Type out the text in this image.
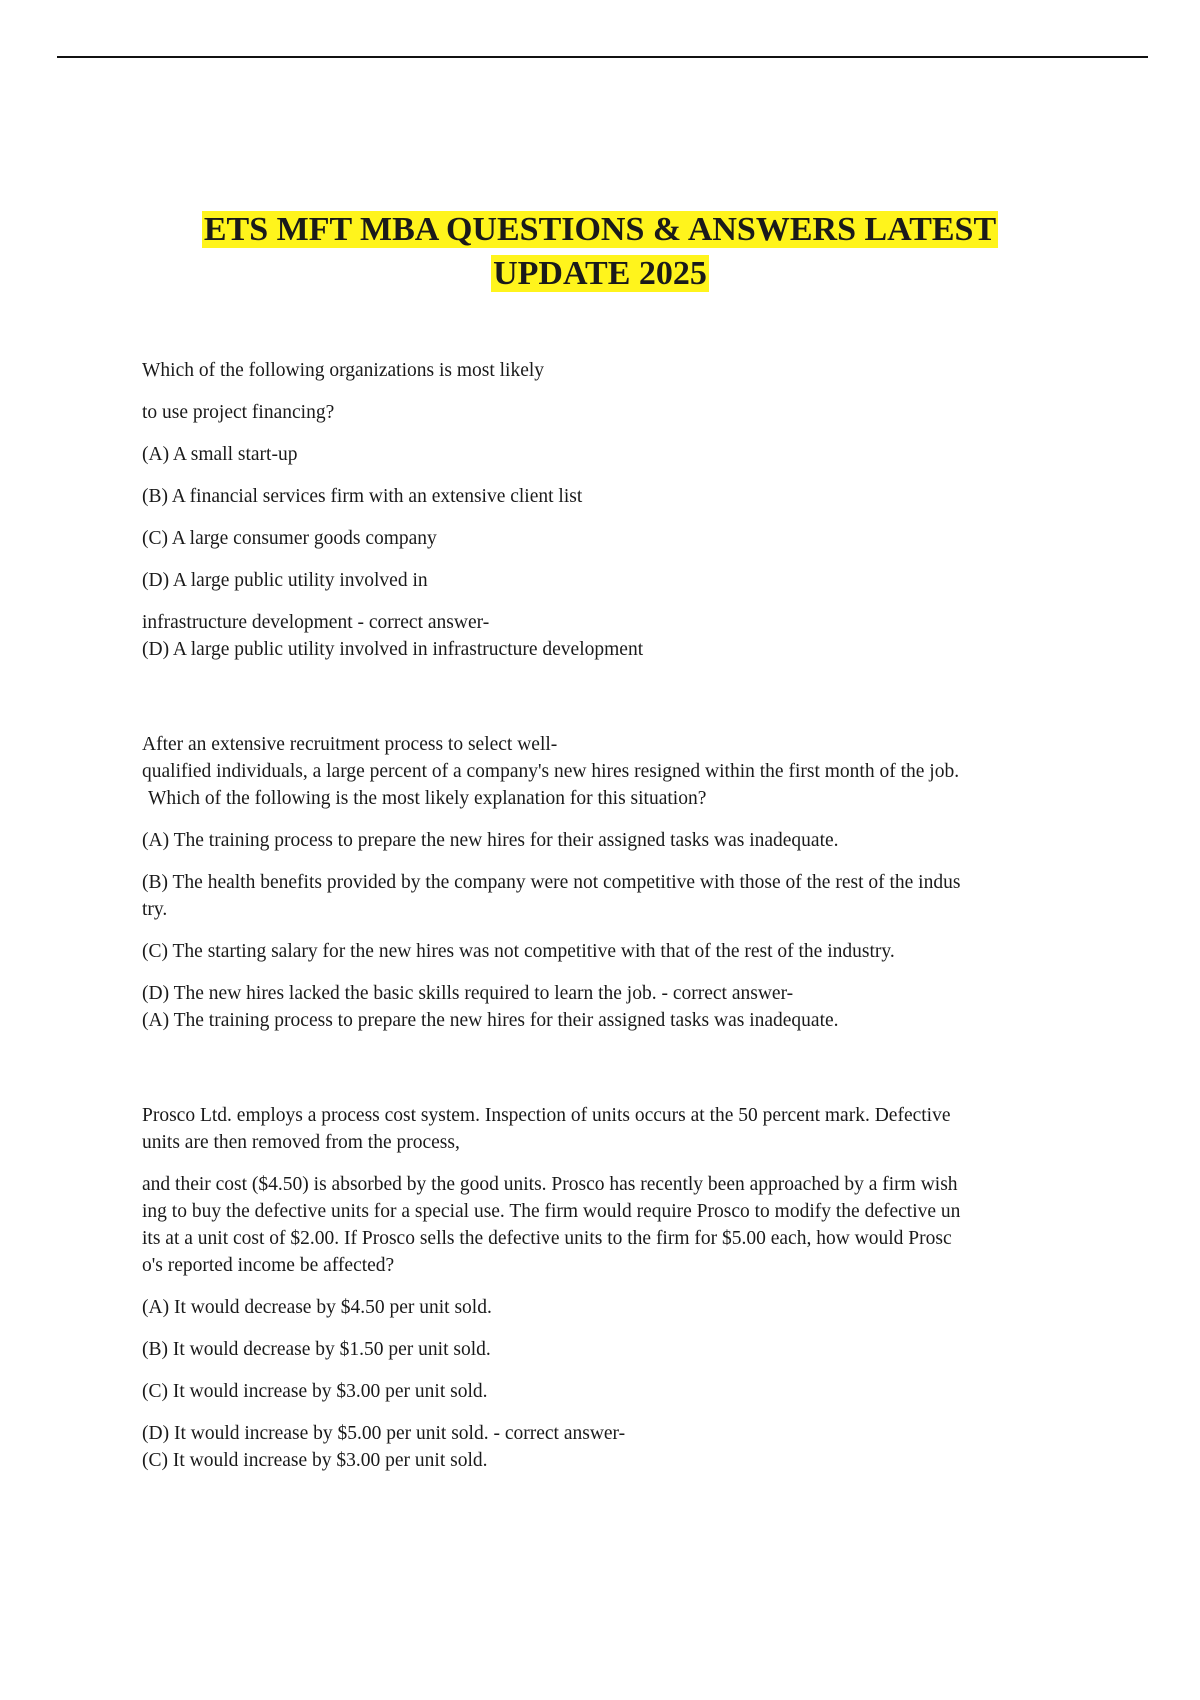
ETS MFT MBA QUESTIONS & ANSWERS LATEST

UPDATE 2025

Which of the following organizations is most likely

to use project financing?

(A) A small start-up

(B) A financial services firm with an extensive client list

(C) A large consumer goods company

(D) A large public utility involved in

infrastructure development - correct answer-

(D) A large public utility involved in infrastructure development

After an extensive recruitment process to select well-

qualified individuals, a large percent of a company's new hires resigned within the first month of the job.

Which of the following is the most likely explanation for this situation?

(A) The training process to prepare the new hires for their assigned tasks was inadequate.

(B) The health benefits provided by the company were not competitive with those of the rest of the indus

try.

(C) The starting salary for the new hires was not competitive with that of the rest of the industry.

(D) The new hires lacked the basic skills required to learn the job. - correct answer-

(A) The training process to prepare the new hires for their assigned tasks was inadequate.

Prosco Ltd. employs a process cost system. Inspection of units occurs at the 50 percent mark. Defective

units are then removed from the process,

and their cost ($4.50) is absorbed by the good units. Prosco has recently been approached by a firm wish

ing to buy the defective units for a special use. The firm would require Prosco to modify the defective un

its at a unit cost of $2.00. If Prosco sells the defective units to the firm for $5.00 each, how would Prosc

o's reported income be affected?

(A) It would decrease by $4.50 per unit sold.

(B) It would decrease by $1.50 per unit sold.

(C) It would increase by $3.00 per unit sold.

(D) It would increase by $5.00 per unit sold. - correct answer-

(C) It would increase by $3.00 per unit sold.
